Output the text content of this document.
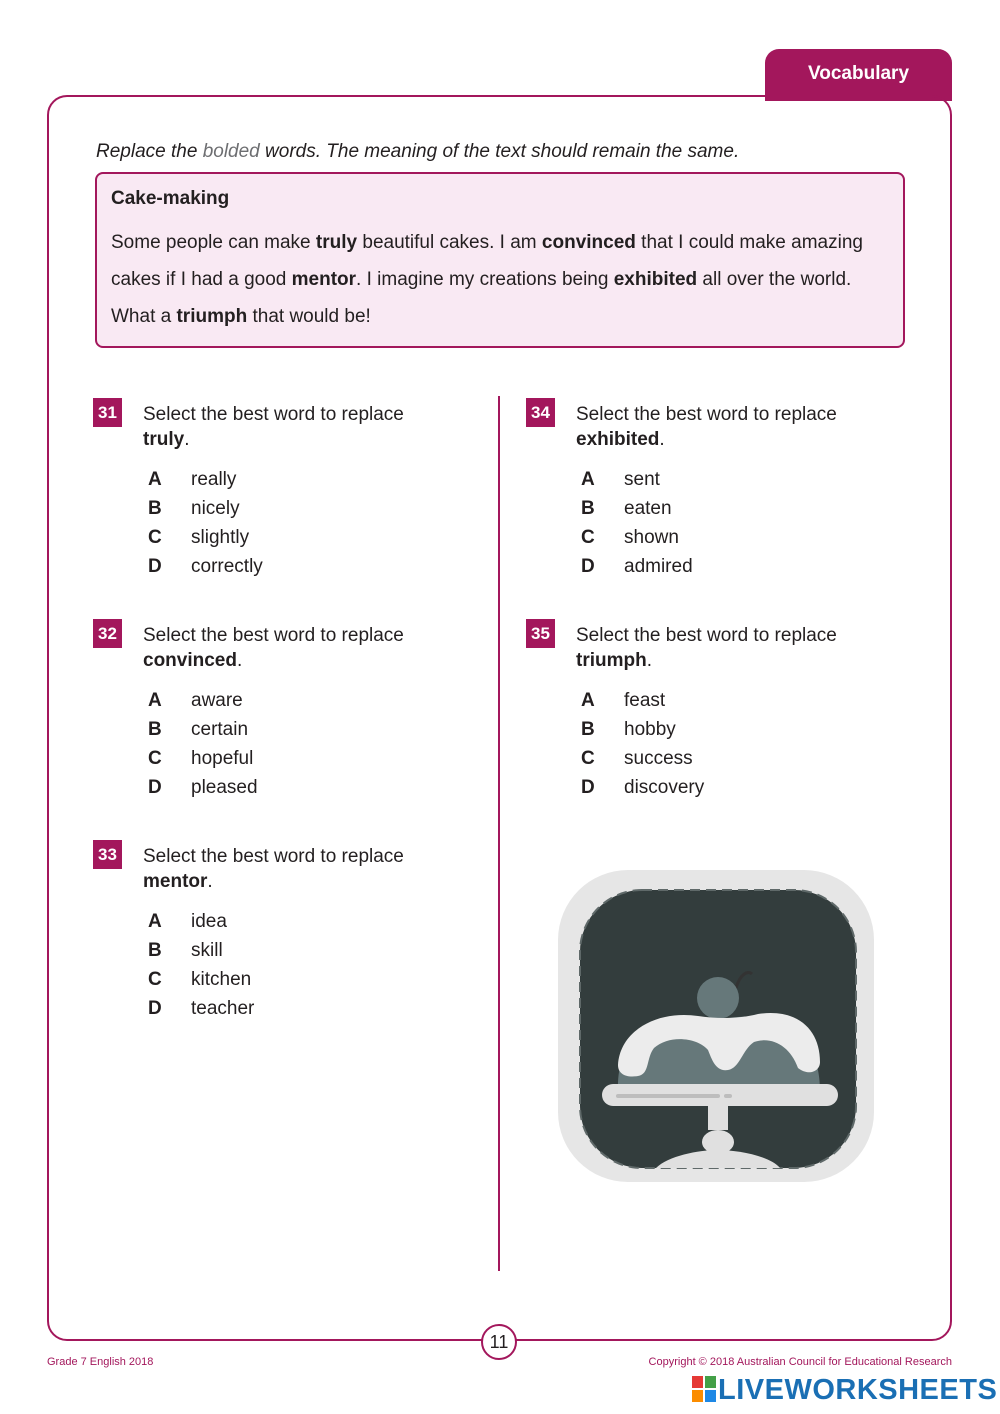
Vocabulary
Replace the bolded words. The meaning of the text should remain the same.
Cake-making

Some people can make truly beautiful cakes. I am convinced that I could make amazing cakes if I had a good mentor. I imagine my creations being exhibited all over the world. What a triumph that would be!

31 Select the best word to replace
truly.
A really
B nicely
C slightly
D correctly
32 Select the best word to replace
convinced.
A aware
B certain
C hopeful
D pleased
33 Select the best word to replace
mentor.
A idea
B skill
C kitchen
D teacher
34 Select the best word to replace
exhibited.
A sent
B eaten
C shown
D admired
35 Select the best word to replace
triumph.
A feast
B hobby
C success
D discovery
11
Grade 7 English 2018	Copyright © 2018 Australian Council for Educational Research
LIVEWORKSHEETS
